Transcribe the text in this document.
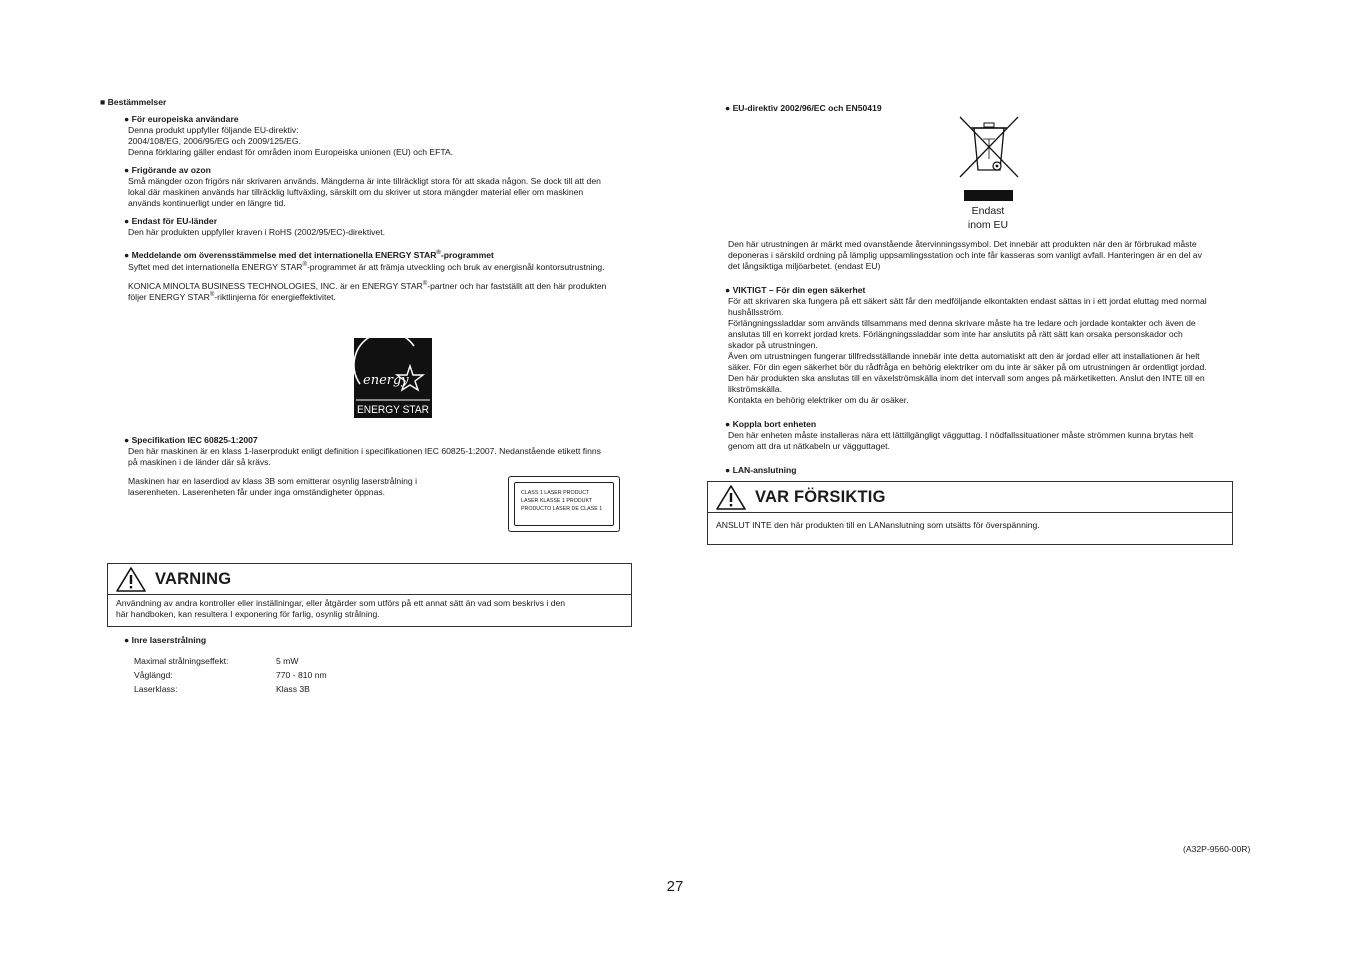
■ Bestämmelser
● För europeiska användare
Denna produkt uppfyller följande EU-direktiv:
2004/108/EG, 2006/95/EG och 2009/125/EG.
Denna förklaring gäller endast för områden inom Europeiska unionen (EU) och EFTA.
● Frigörande av ozon
Små mängder ozon frigörs när skrivaren används. Mängderna är inte tillräckligt stora för att skada någon. Se dock till att den
lokal där maskinen används har tillräcklig luftväxling, särskilt om du skriver ut stora mängder material eller om maskinen
används kontinuerligt under en längre tid.
● Endast för EU-länder
Den här produkten uppfyller kraven i RoHS (2002/95/EC)-direktivet.
● Meddelande om överensstämmelse med det internationella ENERGY STAR®-programmet
Syftet med det internationella ENERGY STAR®-programmet är att främja utveckling och bruk av energisnål kontorsutrustning.
KONICA MINOLTA BUSINESS TECHNOLOGIES, INC. är en ENERGY STAR®-partner och har fastställt att den här produkten
följer ENERGY STAR®-riktlinjerna för energieffektivitet.
energy
ENERGY STAR
● Specifikation IEC 60825-1:2007
Den här maskinen är en klass 1-laserprodukt enligt definition i specifikationen IEC 60825-1:2007. Nedanstående etikett finns
på maskinen i de länder där så krävs.
Maskinen har en laserdiod av klass 3B som emitterar osynlig laserstrålning i
laserenheten. Laserenheten får under inga omständigheter öppnas.	CLASS 1 LASER PRODUCT
LASER KLASSE 1 PRODUKT
PRODUCTO LASER DE CLASE 1
VARNING
Användning av andra kontroller eller inställningar, eller åtgärder som utförs på ett annat sätt än vad som beskrivs i den
här handboken, kan resultera I exponering för farlig, osynlig strålning.
● Inre laserstrålning
Maximal strålningseffekt:	5 mW
Våglängd:	770 - 810 nm
Laserklass:	Klass 3B
● EU-direktiv 2002/96/EC och EN50419
Endast
inom EU
Den här utrustningen är märkt med ovanstående återvinningssymbol. Det innebär att produkten när den är förbrukad måste
deponeras i särskild ordning på lämplig uppsamlingsstation och inte får kasseras som vanligt avfall. Hanteringen är en del av
det långsiktiga miljöarbetet. (endast EU)
● VIKTIGT – För din egen säkerhet
För att skrivaren ska fungera på ett säkert sätt får den medföljande elkontakten endast sättas in i ett jordat eluttag med normal
hushållsström.
Förlängningssladdar som används tillsammans med denna skrivare måste ha tre ledare och jordade kontakter och även de
anslutas till en korrekt jordad krets. Förlängningssladdar som inte har anslutits på rätt sätt kan orsaka personskador och
skador på utrustningen.
Även om utrustningen fungerar tillfredsställande innebär inte detta automatiskt att den är jordad eller att installationen är helt
säker. För din egen säkerhet bör du rådfråga en behörig elektriker om du inte är säker på om utrustningen är ordentligt jordad.
Den här produkten ska anslutas till en växelströmskälla inom det intervall som anges på märketiketten. Anslut den INTE till en
likströmskälla.
Kontakta en behörig elektriker om du är osäker.
● Koppla bort enheten
Den här enheten måste installeras nära ett lättillgängligt vägguttag. I nödfallssituationer måste strömmen kunna brytas helt
genom att dra ut nätkabeln ur vägguttaget.
● LAN-anslutning
VAR FÖRSIKTIG
ANSLUT INTE den här produkten till en LANanslutning som utsätts för överspänning.
(A32P-9560-00R)
27
